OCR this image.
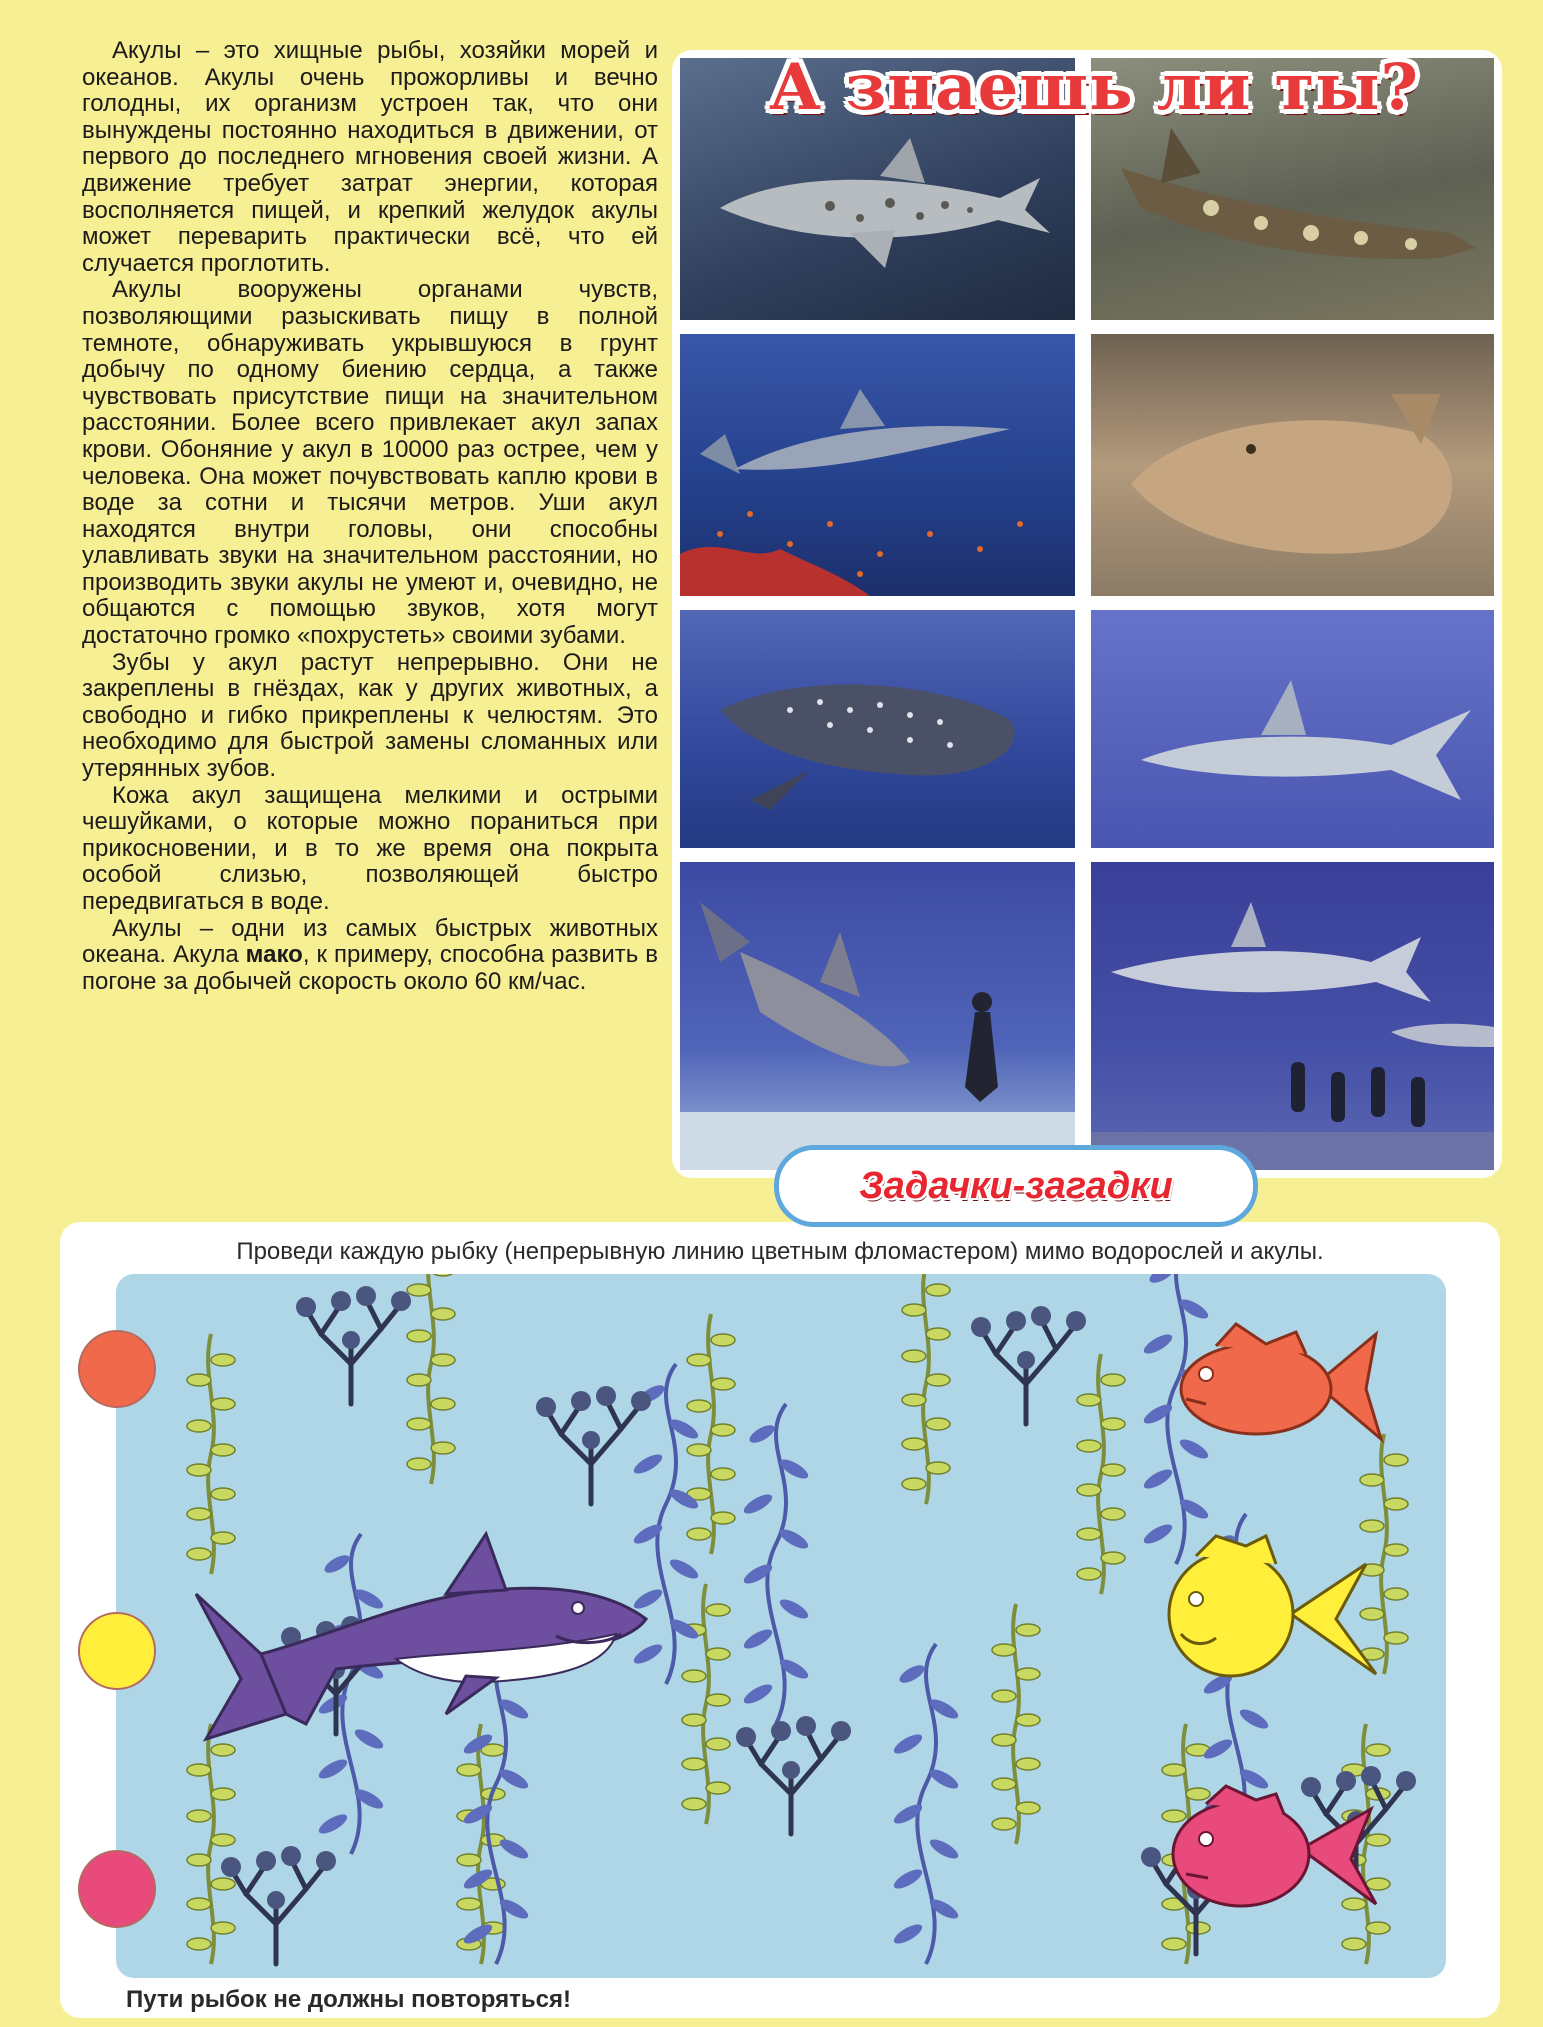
Акулы – это хищные рыбы, хозяйки морей и океанов. Акулы очень прожорливы и вечно голодны, их организм устроен так, что они вынуждены постоянно находиться в движении, от первого до последнего мгновения своей жизни. А движение требует затрат энергии, которая восполняется пищей, и крепкий желудок акулы может переварить практически всё, что ей случается проглотить.

Акулы вооружены органами чувств, позволяющими разыскивать пищу в полной темноте, обнаруживать укрывшуюся в грунт добычу по одному биению сердца, а также чувствовать присутствие пищи на значительном расстоянии. Более всего привлекает акул запах крови. Обоняние у акул в 10000 раз острее, чем у человека. Она может почувствовать каплю крови в воде за сотни и тысячи метров. Уши акул находятся внутри головы, они способны улавливать звуки на значительном расстоянии, но производить звуки акулы не умеют и, очевидно, не общаются с помощью звуков, хотя могут достаточно громко «похрустеть» своими зубами.

Зубы у акул растут непрерывно. Они не закреплены в гнёздах, как у других животных, а свободно и гибко прикреплены к челюстям. Это необходимо для быстрой замены сломанных или утерянных зубов.

Кожа акул защищена мелкими и острыми чешуйками, о которые можно пораниться при прикосновении, и в то же время она покрыта особой слизью, позволяющей быстро передвигаться в воде.

Акулы – одни из самых быстрых животных океана. Акула мако, к примеру, способна развить в погоне за добычей скорость около 60 км/час.

А знаешь ли ты?
Проведи каждую рыбку (непрерывную линию цветным фломастером) мимо водорослей и акулы.
Пути рыбок не должны повторяться!
Задачки-загадки
